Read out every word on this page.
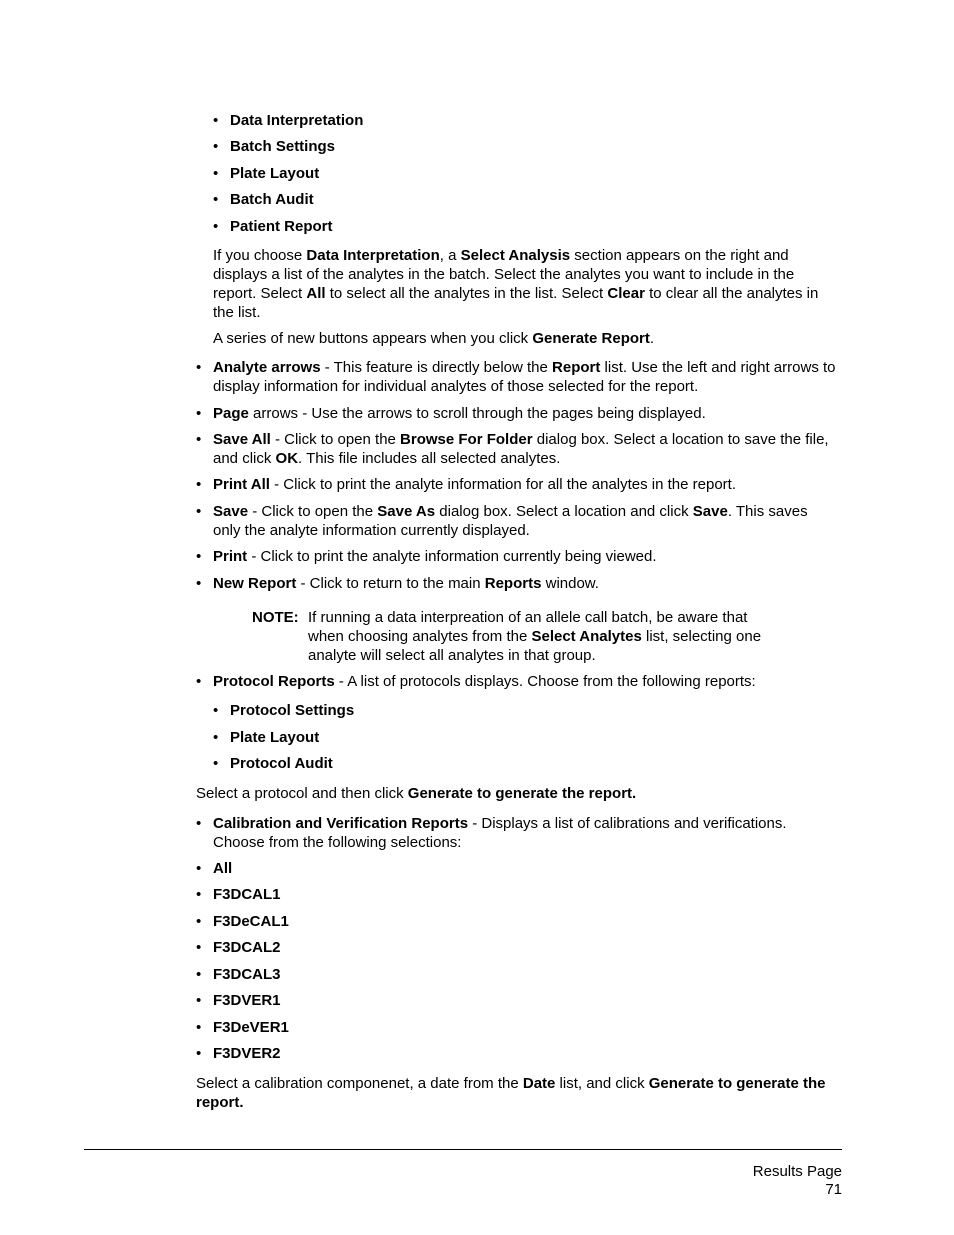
• Data Interpretation
• Batch Settings
• Plate Layout
• Batch Audit
• Patient Report
If you choose Data Interpretation, a Select Analysis section appears on the right and displays a list of the analytes in the batch. Select the analytes you want to include in the report. Select All to select all the analytes in the list. Select Clear to clear all the analytes in the list.
A series of new buttons appears when you click Generate Report.
• Analyte arrows - This feature is directly below the Report list. Use the left and right arrows to display information for individual analytes of those selected for the report.
• Page arrows - Use the arrows to scroll through the pages being displayed.
• Save All - Click to open the Browse For Folder dialog box. Select a location to save the file, and click OK. This file includes all selected analytes.
• Print All - Click to print the analyte information for all the analytes in the report.
• Save - Click to open the Save As dialog box. Select a location and click Save. This saves only the analyte information currently displayed.
• Print - Click to print the analyte information currently being viewed.
• New Report - Click to return to the main Reports window.
NOTE: If running a data interpreation of an allele call batch, be aware that when choosing analytes from the Select Analytes list, selecting one analyte will select all analytes in that group.
• Protocol Reports - A list of protocols displays. Choose from the following reports:
• Protocol Settings
• Plate Layout
• Protocol Audit
Select a protocol and then click Generate to generate the report.
• Calibration and Verification Reports - Displays a list of calibrations and verifications. Choose from the following selections:
• All
• F3DCAL1
• F3DeCAL1
• F3DCAL2
• F3DCAL3
• F3DVER1
• F3DeVER1
• F3DVER2
Select a calibration componenet, a date from the Date list, and click Generate to generate the report.
Results Page
71
